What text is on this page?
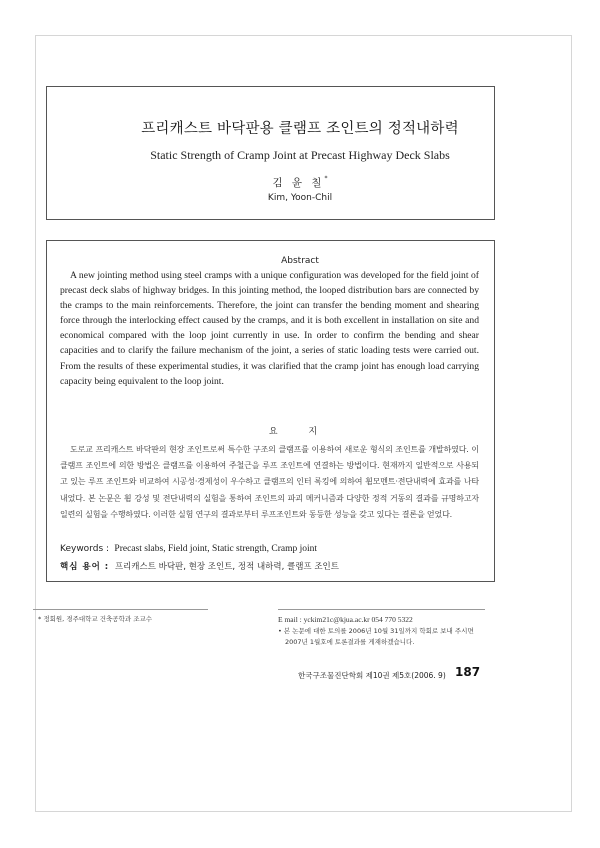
프리캐스트 바닥판용 클램프 조인트의 정적내하력
Static Strength of Cramp Joint at Precast Highway Deck Slabs
김 윤 칠*
Kim, Yoon-Chil
Abstract

A new jointing method using steel cramps with a unique configuration was developed for the field joint of precast deck slabs of highway bridges. In this jointing method, the looped distribution bars are connected by the cramps to the main reinforcements. Therefore, the joint can transfer the bending moment and shearing force through the interlocking effect caused by the cramps, and it is both excellent in installation on site and economical compared with the loop joint currently in use. In order to confirm the bending and shear capacities and to clarify the failure mechanism of the joint, a series of static loading tests were carried out. From the results of these experimental studies, it was clarified that the cramp joint has enough load carrying capacity being equivalent to the loop joint.

요 지

도로교 프리캐스트 바닥판의 현장 조인트로써 특수한 구조의 클램프를 이용하여 새로운 형식의 조인트를 개발하였다. 이 클램프 조인트에 의한 방법은 클램프를 이용하여 주철근을 루프 조인트에 연결하는 방법이다. 현재까지 일반적으로 사용되고 있는 루프 조인트와 비교하여 시공성·경제성이 우수하고 클램프의 인터 록킹에 의하여 휨모멘트·전단내력에 효과를 나타내었다. 본 논문은 휨 강성 및 전단내력의 실험을 통하여 조인트의 파괴 메커니즘과 다양한 정적 거동의 결과를 규명하고자 일련의 실험을 수행하였다. 이러한 실험 연구의 결과로부터 루프조인트와 동등한 성능을 갖고 있다는 결론을 얻었다.

Keywords : Precast slabs, Field joint, Static strength, Cramp joint
핵심 용어 : 프리캐스트 바닥판, 현장 조인트, 정적 내하력, 클램프 조인트
* 정회원, 경주대학교 건축공학과 조교수	E mail : yckim21c@kjua.ac.kr 054 770 5322
• 본 논문에 대한 토의를 2006년 10월 31일까지 학회로 보내 주시면 2007년 1월호에 토론결과를 게재하겠습니다.
한국구조물진단학회 제10권 제5호(2006. 9) 187
